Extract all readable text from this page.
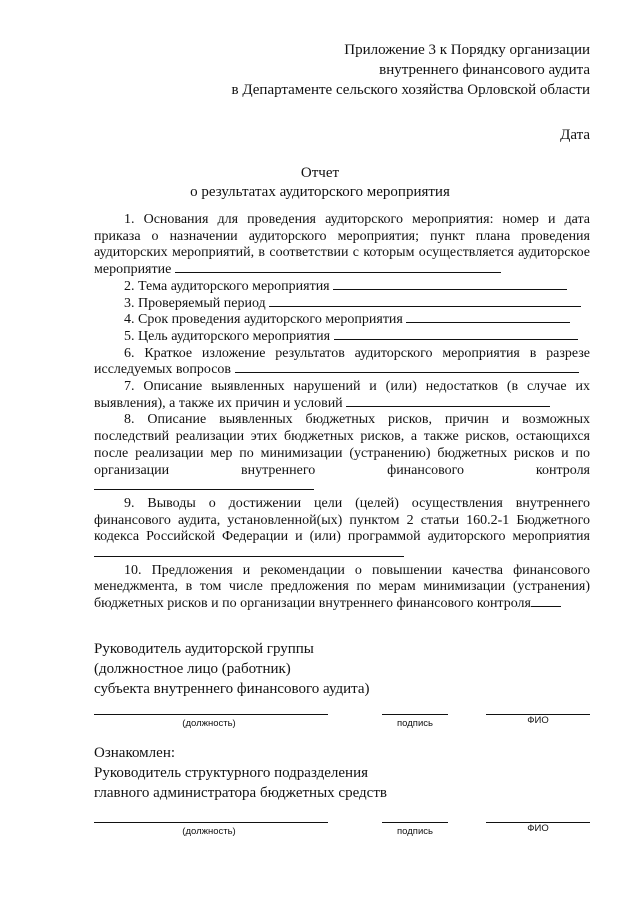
Приложение 3 к Порядку организации
внутреннего финансового аудита
в Департаменте сельского хозяйства Орловской области
Дата
Отчет
о результатах аудиторского мероприятия

1. Основания для проведения аудиторского мероприятия: номер и дата приказа о назначении аудиторского мероприятия; пункт плана проведения аудиторских мероприятий, в соответствии с которым осуществляется аудиторское мероприятие

2. Тема аудиторского мероприятия

3. Проверяемый период

4. Срок проведения аудиторского мероприятия

5. Цель аудиторского мероприятия

6. Краткое изложение результатов аудиторского мероприятия в разрезе исследуемых вопросов

7. Описание выявленных нарушений и (или) недостатков (в случае их выявления), а также их причин и условий

8. Описание выявленных бюджетных рисков, причин и возможных последствий реализации этих бюджетных рисков, а также рисков, остающихся после реализации мер по минимизации (устранению) бюджетных рисков и по организации внутреннего финансового контроля

9. Выводы о достижении цели (целей) осуществления внутреннего финансового аудита, установленной(ых) пунктом 2 статьи 160.2-1 Бюджетного кодекса Российской Федерации и (или) программой аудиторского мероприятия

10. Предложения и рекомендации о повышении качества финансового менеджмента, в том числе предложения по мерам минимизации (устранения) бюджетных рисков и по организации внутреннего финансового контроля

Руководитель аудиторской группы
(должностное лицо (работник)
субъекта внутреннего финансового аудита)
(должность)	подпись	ФИО
Ознакомлен:
Руководитель структурного подразделения
главного администратора бюджетных средств
(должность)	подпись	ФИО
